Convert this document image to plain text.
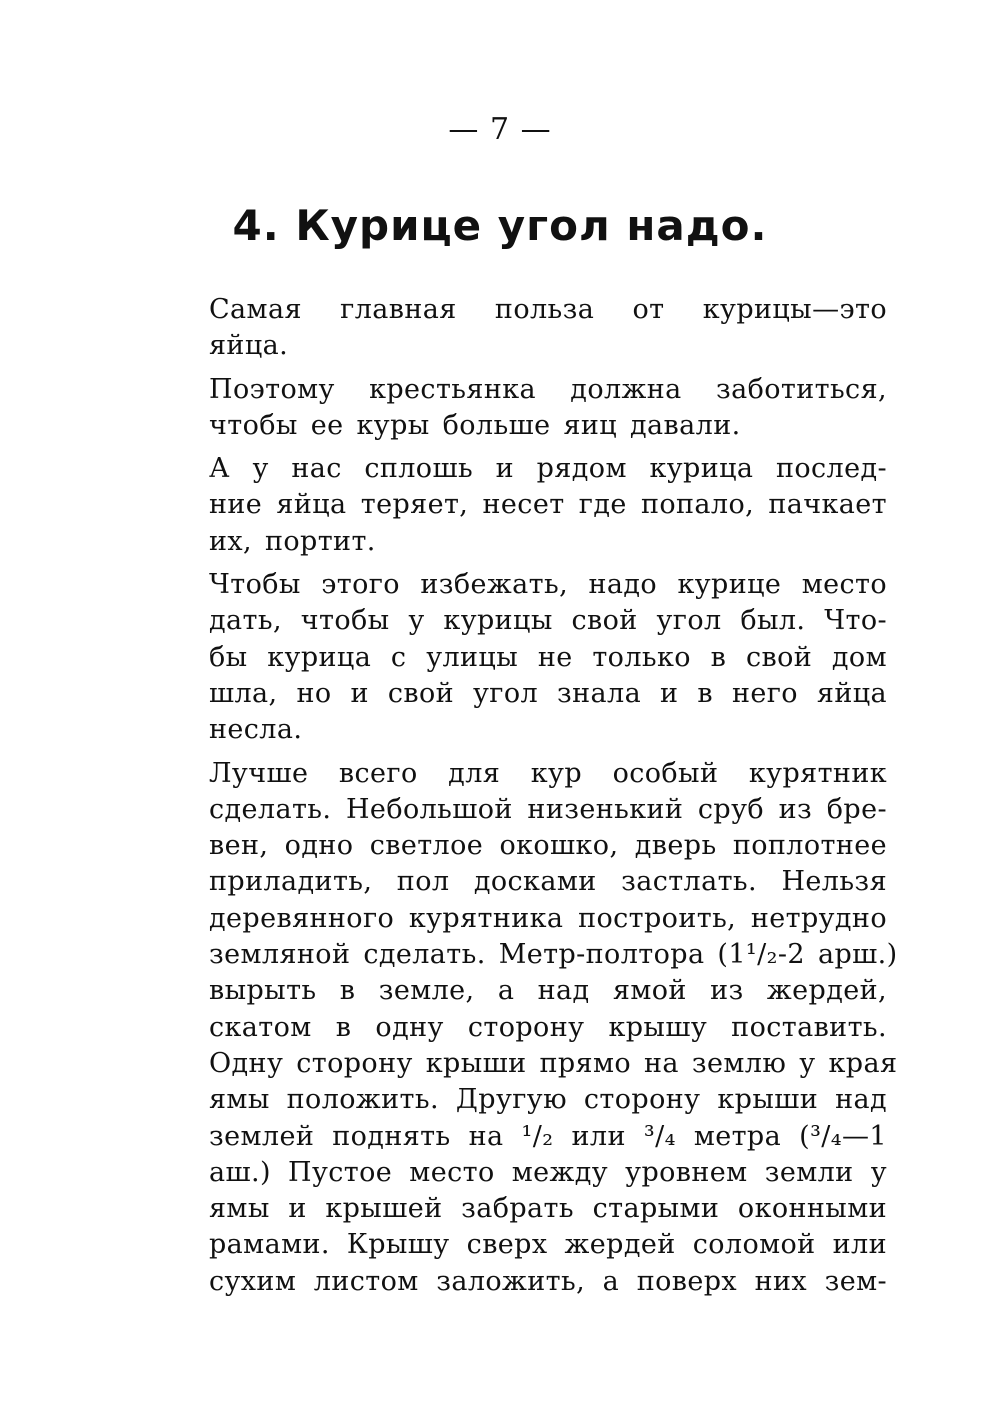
— 7 —
4. Курице угол надо.

Самая главная польза от курицы—это
яйца.

Поэтому крестьянка должна заботиться,
чтобы ее куры больше яиц давали.

А у нас сплошь и рядом курица послед-
ние яйца теряет, несет где попало, пачкает
их, портит.

Чтобы этого избежать, надо курице место
дать, чтобы у курицы свой угол был. Что-
бы курица с улицы не только в свой дом
шла, но и свой угол знала и в него яйца
несла.

Лучше всего для кур особый курятник
сделать. Небольшой низенький сруб из бре-
вен, одно светлое окошко, дверь поплотнее
приладить, пол досками застлать. Нельзя
деревянного курятника построить, нетрудно
земляной сделать. Метр-полтора (1¹/₂-2 арш.)
вырыть в земле, а над ямой из жердей,
скатом в одну сторону крышу поставить.
Одну сторону крыши прямо на землю у края
ямы положить. Другую сторону крыши над
землей поднять на ¹/₂ или ³/₄ метра (³/₄—1
аш.) Пустое место между уровнем земли у
ямы и крышей забрать старыми оконными
рамами. Крышу сверх жердей соломой или
сухим листом заложить, а поверх них зем-
